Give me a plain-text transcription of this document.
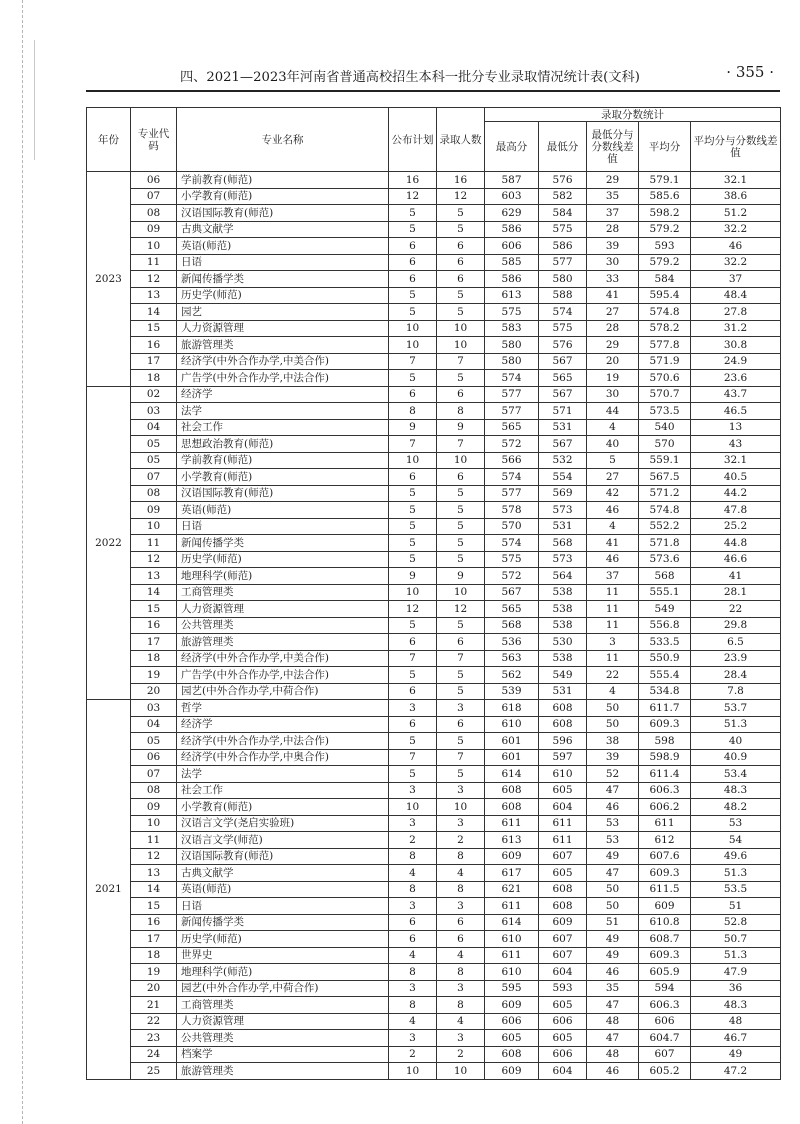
四、2021—2023年河南省普通高校招生本科一批分专业录取情况统计表(文科)	· 355 ·
年份	专业代码	专业名称	公布计划	录取人数	录取分数统计				
					最高分	最低分	最低分与分数线差值	平均分	平均分与分数线差值
2023	06	学前教育(师范)	16	16	587	576	29	579.1	32.1
	07	小学教育(师范)	12	12	603	582	35	585.6	38.6
	08	汉语国际教育(师范)	5	5	629	584	37	598.2	51.2
	09	古典文献学	5	5	586	575	28	579.2	32.2
	10	英语(师范)	6	6	606	586	39	593	46
	11	日语	6	6	585	577	30	579.2	32.2
	12	新闻传播学类	6	6	586	580	33	584	37
	13	历史学(师范)	5	5	613	588	41	595.4	48.4
	14	园艺	5	5	575	574	27	574.8	27.8
	15	人力资源管理	10	10	583	575	28	578.2	31.2
	16	旅游管理类	10	10	580	576	29	577.8	30.8
	17	经济学(中外合作办学,中美合作)	7	7	580	567	20	571.9	24.9
	18	广告学(中外合作办学,中法合作)	5	5	574	565	19	570.6	23.6
2022	02	经济学	6	6	577	567	30	570.7	43.7
	03	法学	8	8	577	571	44	573.5	46.5
	04	社会工作	9	9	565	531	4	540	13
	05	思想政治教育(师范)	7	7	572	567	40	570	43
	05	学前教育(师范)	10	10	566	532	5	559.1	32.1
	07	小学教育(师范)	6	6	574	554	27	567.5	40.5
	08	汉语国际教育(师范)	5	5	577	569	42	571.2	44.2
	09	英语(师范)	5	5	578	573	46	574.8	47.8
	10	日语	5	5	570	531	4	552.2	25.2
	11	新闻传播学类	5	5	574	568	41	571.8	44.8
	12	历史学(师范)	5	5	575	573	46	573.6	46.6
	13	地理科学(师范)	9	9	572	564	37	568	41
	14	工商管理类	10	10	567	538	11	555.1	28.1
	15	人力资源管理	12	12	565	538	11	549	22
	16	公共管理类	5	5	568	538	11	556.8	29.8
	17	旅游管理类	6	6	536	530	3	533.5	6.5
	18	经济学(中外合作办学,中美合作)	7	7	563	538	11	550.9	23.9
	19	广告学(中外合作办学,中法合作)	5	5	562	549	22	555.4	28.4
	20	园艺(中外合作办学,中荷合作)	6	5	539	531	4	534.8	7.8
2021	03	哲学	3	3	618	608	50	611.7	53.7
	04	经济学	6	6	610	608	50	609.3	51.3
	05	经济学(中外合作办学,中法合作)	5	5	601	596	38	598	40
	06	经济学(中外合作办学,中奥合作)	7	7	601	597	39	598.9	40.9
	07	法学	5	5	614	610	52	611.4	53.4
	08	社会工作	3	3	608	605	47	606.3	48.3
	09	小学教育(师范)	10	10	608	604	46	606.2	48.2
	10	汉语言文学(尧启实验班)	3	3	611	611	53	611	53
	11	汉语言文学(师范)	2	2	613	611	53	612	54
	12	汉语国际教育(师范)	8	8	609	607	49	607.6	49.6
	13	古典文献学	4	4	617	605	47	609.3	51.3
	14	英语(师范)	8	8	621	608	50	611.5	53.5
	15	日语	3	3	611	608	50	609	51
	16	新闻传播学类	6	6	614	609	51	610.8	52.8
	17	历史学(师范)	6	6	610	607	49	608.7	50.7
	18	世界史	4	4	611	607	49	609.3	51.3
	19	地理科学(师范)	8	8	610	604	46	605.9	47.9
	20	园艺(中外合作办学,中荷合作)	3	3	595	593	35	594	36
	21	工商管理类	8	8	609	605	47	606.3	48.3
	22	人力资源管理	4	4	606	606	48	606	48
	23	公共管理类	3	3	605	605	47	604.7	46.7
	24	档案学	2	2	608	606	48	607	49
	25	旅游管理类	10	10	609	604	46	605.2	47.2
